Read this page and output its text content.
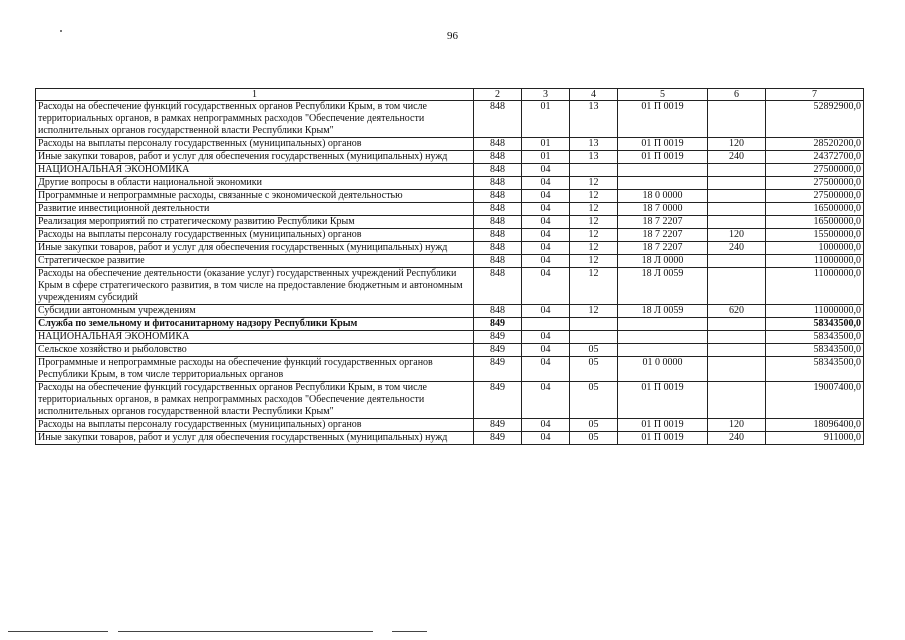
96
1	2	3	4	5	6	7
Расходы на обеспечение функций государственных органов Республики Крым, в том числе территориальных органов, в рамках непрограммных расходов "Обеспечение деятельности исполнительных органов государственной власти Республики Крым"	848	01	13	01 П 0019		52892900,0
Расходы на выплаты персоналу государственных (муниципальных) органов	848	01	13	01 П 0019	120	28520200,0
Иные закупки товаров, работ и услуг для обеспечения государственных (муниципальных) нужд	848	01	13	01 П 0019	240	24372700,0
НАЦИОНАЛЬНАЯ ЭКОНОМИКА	848	04				27500000,0
Другие вопросы в области национальной экономики	848	04	12			27500000,0
Программные и непрограммные расходы, связанные с экономической деятельностью	848	04	12	18 0 0000		27500000,0
Развитие инвестиционной деятельности	848	04	12	18 7 0000		16500000,0
Реализация мероприятий по стратегическому развитию Республики Крым	848	04	12	18 7 2207		16500000,0
Расходы на выплаты персоналу государственных (муниципальных) органов	848	04	12	18 7 2207	120	15500000,0
Иные закупки товаров, работ и услуг для обеспечения государственных (муниципальных) нужд	848	04	12	18 7 2207	240	1000000,0
Стратегическое развитие	848	04	12	18 Л 0000		11000000,0
Расходы на обеспечение деятельности (оказание услуг) государственных учреждений Республики Крым в сфере стратегического развития, в том числе на предоставление бюджетным и автономным учреждениям субсидий	848	04	12	18 Л 0059		11000000,0
Субсидии автономным учреждениям	848	04	12	18 Л 0059	620	11000000,0
Служба по земельному и фитосанитарному надзору Республики Крым	849					58343500,0
НАЦИОНАЛЬНАЯ ЭКОНОМИКА	849	04				58343500,0
Сельское хозяйство и рыболовство	849	04	05			58343500,0
Программные и непрограммные расходы на обеспечение функций государственных органов Республики Крым, в том числе территориальных органов	849	04	05	01 0 0000		58343500,0
Расходы на обеспечение функций государственных органов Республики Крым, в том числе территориальных органов, в рамках непрограммных расходов "Обеспечение деятельности исполнительных органов государственной власти Республики Крым"	849	04	05	01 П 0019		19007400,0
Расходы на выплаты персоналу государственных (муниципальных) органов	849	04	05	01 П 0019	120	18096400,0
Иные закупки товаров, работ и услуг для обеспечения государственных (муниципальных) нужд	849	04	05	01 П 0019	240	911000,0
